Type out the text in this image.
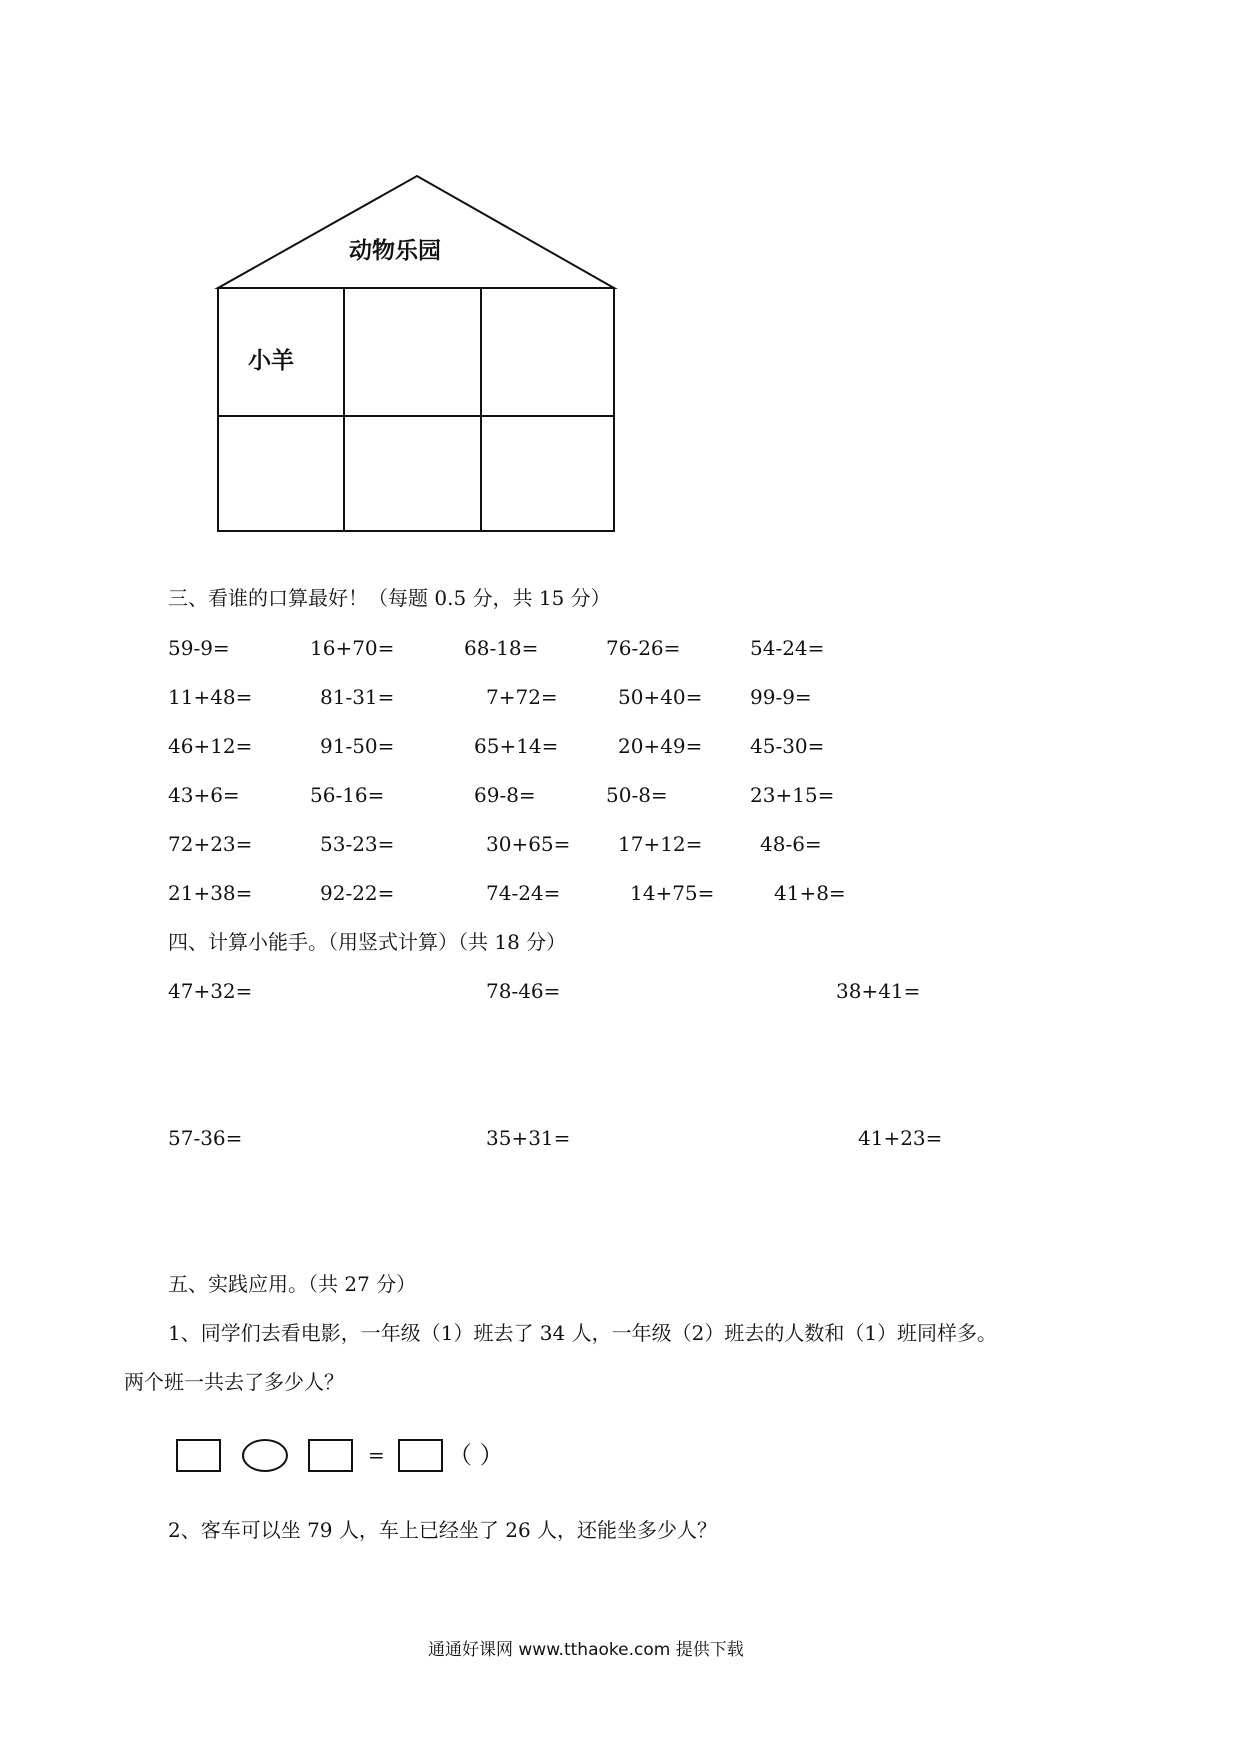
动物乐园
小羊
三、看谁的口算最好！（每题 0.5 分，共 15 分）
59-9=	16+70=	68-18=	76-26=	54-24=
11+48=	81-31=	7+72=	50+40= 99-9=
46+12=	91-50=	65+14=	20+49= 45-30=
43+6=	56-16=	69-8=	50-8=	23+15=
72+23=	53-23=	30+65= 17+12=	48-6=
21+38=	92-22=	74-24=	14+75=	41+8=
四、计算小能手。（用竖式计算）（共 18 分）
47+32=	78-46=	38+41=
57-36=	35+31=	41+23=
五、实践应用。（共 27 分）
1、同学们去看电影，一年级（1）班去了 34 人，一年级（2）班去的人数和（1）班同样多。
两个班一共去了多少人？
=	（ ）
2、客车可以坐 79 人，车上已经坐了 26 人，还能坐多少人？
通通好课网 www.tthaoke.com 提供下载
